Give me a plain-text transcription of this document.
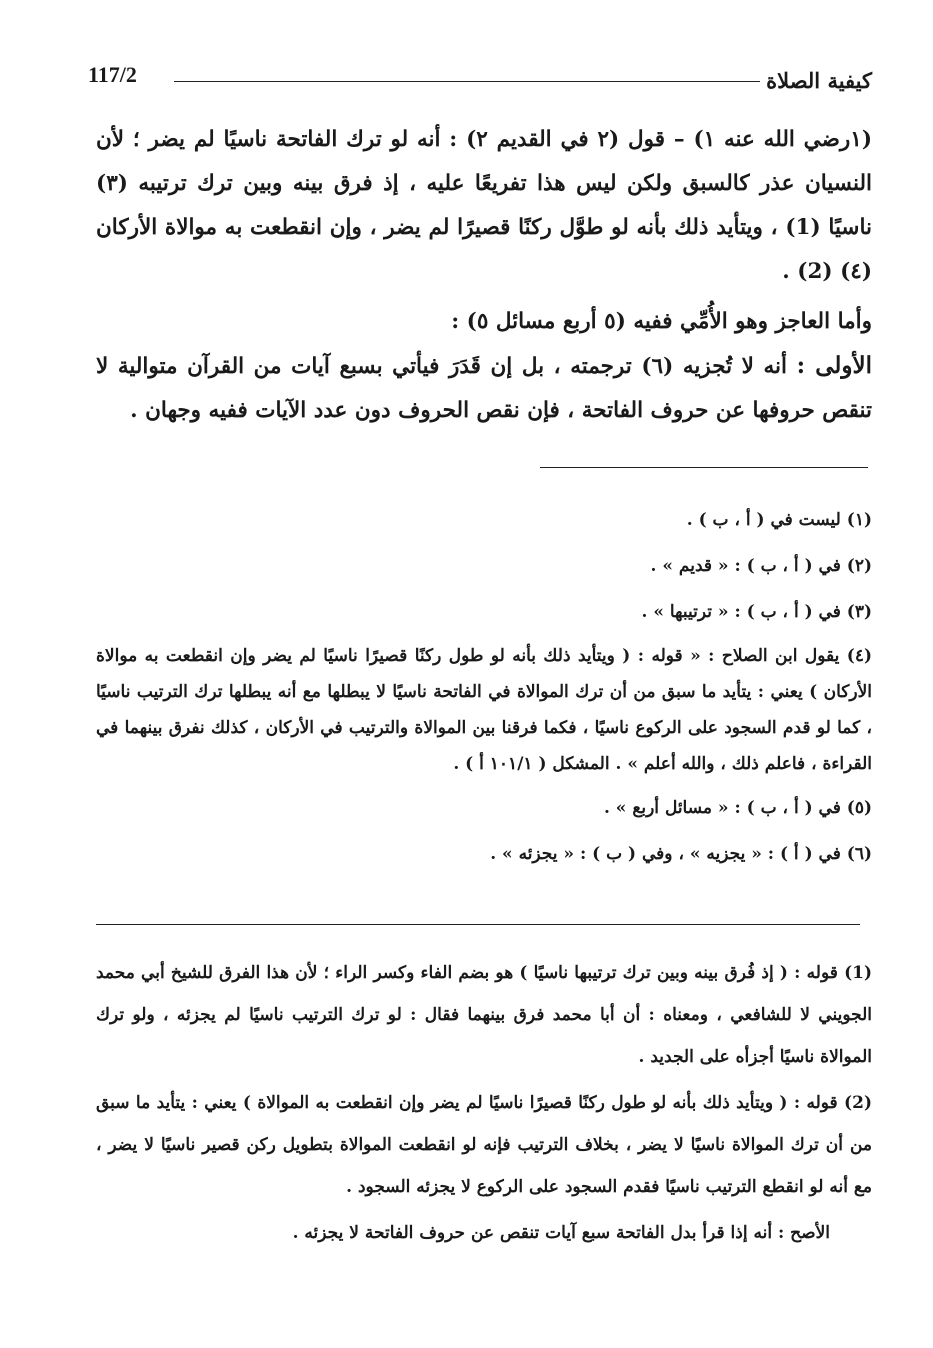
117/2	كيفية الصلاة

(١رضي الله عنه ١) – قول (٢ في القديم ٢) : أنه لو ترك الفاتحة ناسيًا لم يضر ؛ لأن النسيان عذر كالسبق ولكن ليس هذا تفريعًا عليه ، إذ فرق بينه وبين ترك ترتيبه (٣) ناسيًا (1) ، ويتأيد ذلك بأنه لو طوَّل ركنًا قصيرًا لم يضر ، وإن انقطعت به موالاة الأركان (٤) (2) .

وأما العاجز وهو الأُمِّي ففيه (٥ أربع مسائل ٥) :

الأولى : أنه لا تُجزيه (٦) ترجمته ، بل إن قَدَرَ فيأتي بسبع آيات من القرآن متوالية لا تنقص حروفها عن حروف الفاتحة ، فإن نقص الحروف دون عدد الآيات ففيه وجهان .

(١) ليست في ( أ ، ب ) .

(٢) في ( أ ، ب ) : « قديم » .

(٣) في ( أ ، ب ) : « ترتيبها » .

(٤) يقول ابن الصلاح : « قوله : ( ويتأيد ذلك بأنه لو طول ركنًا قصيرًا ناسيًا لم يضر وإن انقطعت به موالاة الأركان ) يعني : يتأيد ما سبق من أن ترك الموالاة في الفاتحة ناسيًا لا يبطلها مع أنه يبطلها ترك الترتيب ناسيًا ، كما لو قدم السجود على الركوع ناسيًا ، فكما فرقنا بين الموالاة والترتيب في الأركان ، كذلك نفرق بينهما في القراءة ، فاعلم ذلك ، والله أعلم » . المشكل ( ١٠١/١ أ ) .

(٥) في ( أ ، ب ) : « مسائل أربع » .

(٦) في ( أ ) : « يجزيه » ، وفي ( ب ) : « يجزئه » .

(1) قوله : ( إذ فُرق بينه وبين ترك ترتيبها ناسيًا ) هو بضم الفاء وكسر الراء ؛ لأن هذا الفرق للشيخ أبي محمد الجويني لا للشافعي ، ومعناه : أن أبا محمد فرق بينهما فقال : لو ترك الترتيب ناسيًا لم يجزئه ، ولو ترك الموالاة ناسيًا أجزأه على الجديد .

(2) قوله : ( ويتأيد ذلك بأنه لو طول ركنًا قصيرًا ناسيًا لم يضر وإن انقطعت به الموالاة ) يعني : يتأيد ما سبق من أن ترك الموالاة ناسيًا لا يضر ، بخلاف الترتيب فإنه لو انقطعت الموالاة بتطويل ركن قصير ناسيًا لا يضر ، مع أنه لو انقطع الترتيب ناسيًا فقدم السجود على الركوع لا يجزئه السجود .

الأصح : أنه إذا قرأ بدل الفاتحة سبع آيات تنقص عن حروف الفاتحة لا يجزئه .
